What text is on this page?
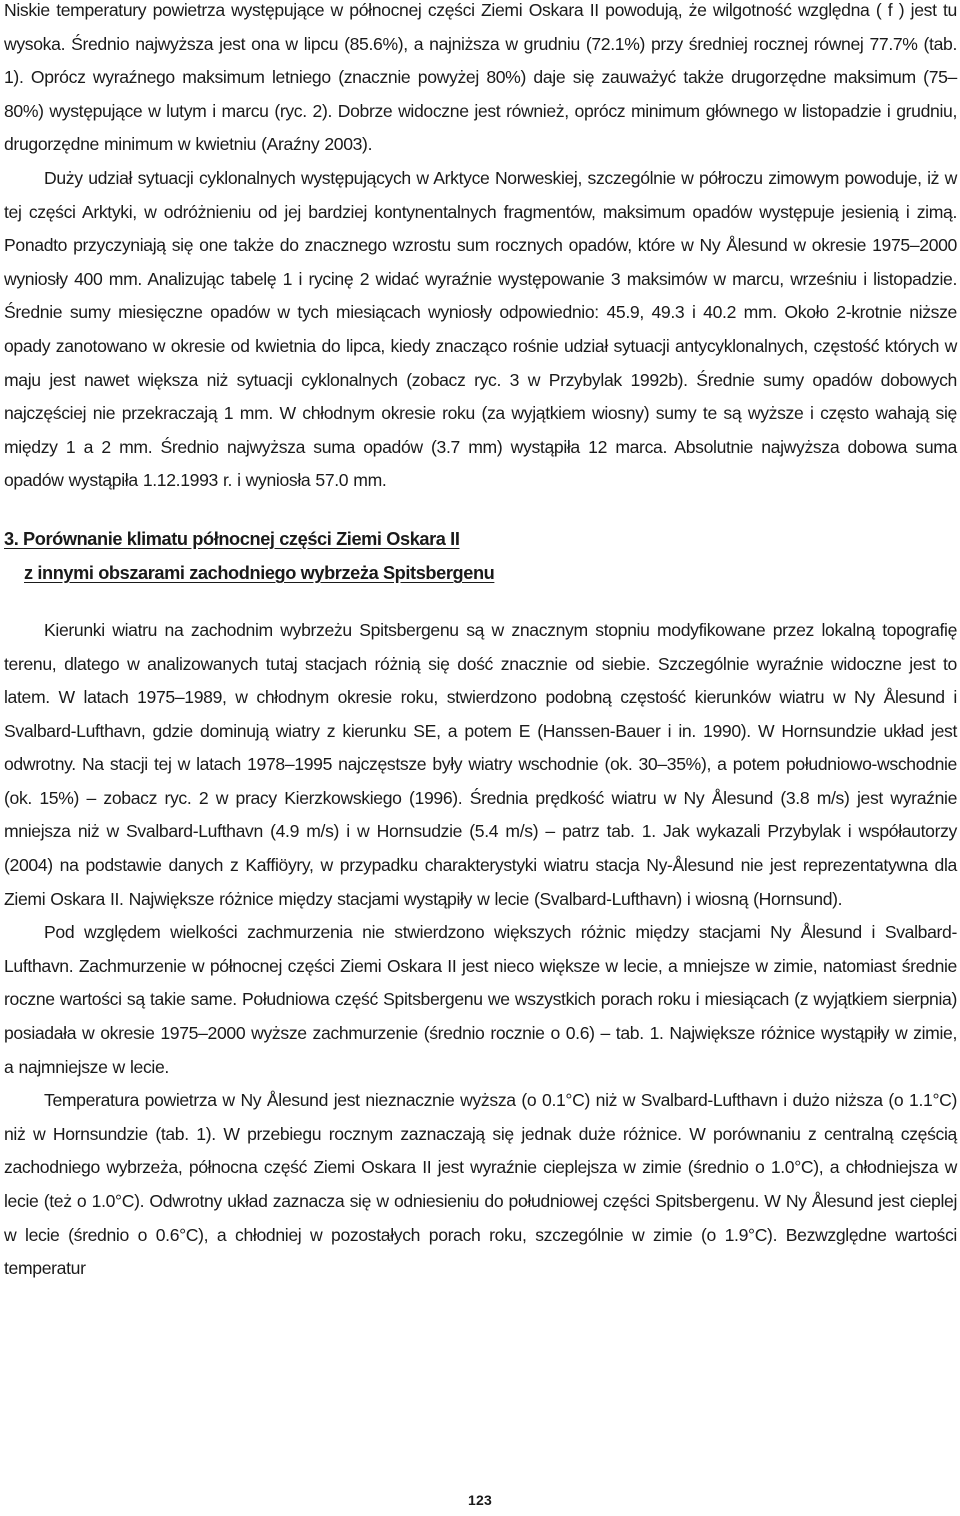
Niskie temperatury powietrza występujące w północnej części Ziemi Oskara II powodują, że wilgotność względna ( f ) jest tu wysoka. Średnio najwyższa jest ona w lipcu (85.6%), a najniższa w grudniu (72.1%) przy średniej rocznej równej 77.7% (tab. 1). Oprócz wyraźnego maksimum letniego (znacznie powyżej 80%) daje się zauważyć także drugorzędne maksimum (75–80%) występujące w lutym i marcu (ryc. 2). Dobrze widoczne jest również, oprócz minimum głównego w listopadzie i grudniu, drugorzędne minimum w kwietniu (Araźny 2003).

Duży udział sytuacji cyklonalnych występujących w Arktyce Norweskiej, szczególnie w półroczu zimowym powoduje, iż w tej części Arktyki, w odróżnieniu od jej bardziej kontynentalnych fragmentów, maksimum opadów występuje jesienią i zimą. Ponadto przyczyniają się one także do znacznego wzrostu sum rocznych opadów, które w Ny Ålesund w okresie 1975–2000 wyniosły 400 mm. Analizując tabelę 1 i rycinę 2 widać wyraźnie występowanie 3 maksimów w marcu, wrześniu i listopadzie. Średnie sumy miesięczne opadów w tych miesiącach wyniosły odpowiednio: 45.9, 49.3 i 40.2 mm. Około 2-krotnie niższe opady zanotowano w okresie od kwietnia do lipca, kiedy znacząco rośnie udział sytuacji antycyklonalnych, częstość których w maju jest nawet większa niż sytuacji cyklonalnych (zobacz ryc. 3 w Przybylak 1992b). Średnie sumy opadów dobowych najczęściej nie przekraczają 1 mm. W chłodnym okresie roku (za wyjątkiem wiosny) sumy te są wyższe i często wahają się między 1 a 2 mm. Średnio najwyższa suma opadów (3.7 mm) wystąpiła 12 marca. Absolutnie najwyższa dobowa suma opadów wystąpiła 1.12.1993 r. i wyniosła 57.0 mm.

3. Porównanie klimatu północnej części Ziemi Oskara II
z innymi obszarami zachodniego wybrzeża Spitsbergenu

Kierunki wiatru na zachodnim wybrzeżu Spitsbergenu są w znacznym stopniu modyfikowane przez lokalną topografię terenu, dlatego w analizowanych tutaj stacjach różnią się dość znacznie od siebie. Szczególnie wyraźnie widoczne jest to latem. W latach 1975–1989, w chłodnym okresie roku, stwierdzono podobną częstość kierunków wiatru w Ny Ålesund i Svalbard-Lufthavn, gdzie dominują wiatry z kierunku SE, a potem E (Hanssen-Bauer i in. 1990). W Hornsundzie układ jest odwrotny. Na stacji tej w latach 1978–1995 najczęstsze były wiatry wschodnie (ok. 30–35%), a potem południowo-wschodnie (ok. 15%) – zobacz ryc. 2 w pracy Kierzkowskiego (1996). Średnia prędkość wiatru w Ny Ålesund (3.8 m/s) jest wyraźnie mniejsza niż w Svalbard-Lufthavn (4.9 m/s) i w Hornsudzie (5.4 m/s) – patrz tab. 1. Jak wykazali Przybylak i współautorzy (2004) na podstawie danych z Kaffiöyry, w przypadku charakterystyki wiatru stacja Ny-Ålesund nie jest reprezentatywna dla Ziemi Oskara II. Największe różnice między stacjami wystąpiły w lecie (Svalbard-Lufthavn) i wiosną (Hornsund).

Pod względem wielkości zachmurzenia nie stwierdzono większych różnic między stacjami Ny Ålesund i Svalbard-Lufthavn. Zachmurzenie w północnej części Ziemi Oskara II jest nieco większe w lecie, a mniejsze w zimie, natomiast średnie roczne wartości są takie same. Południowa część Spitsbergenu we wszystkich porach roku i miesiącach (z wyjątkiem sierpnia) posiadała w okresie 1975–2000 wyższe zachmurzenie (średnio rocznie o 0.6) – tab. 1. Największe różnice wystąpiły w zimie, a najmniejsze w lecie.

Temperatura powietrza w Ny Ålesund jest nieznacznie wyższa (o 0.1°C) niż w Svalbard-Lufthavn i dużo niższa (o 1.1°C) niż w Hornsundzie (tab. 1). W przebiegu rocznym zaznaczają się jednak duże różnice. W porównaniu z centralną częścią zachodniego wybrzeża, północna część Ziemi Oskara II jest wyraźnie cieplejsza w zimie (średnio o 1.0°C), a chłodniejsza w lecie (też o 1.0°C). Odwrotny układ zaznacza się w odniesieniu do południowej części Spitsbergenu. W Ny Ålesund jest cieplej w lecie (średnio o 0.6°C), a chłodniej w pozostałych porach roku, szczególnie w zimie (o 1.9°C). Bezwzględne wartości temperatur

123
